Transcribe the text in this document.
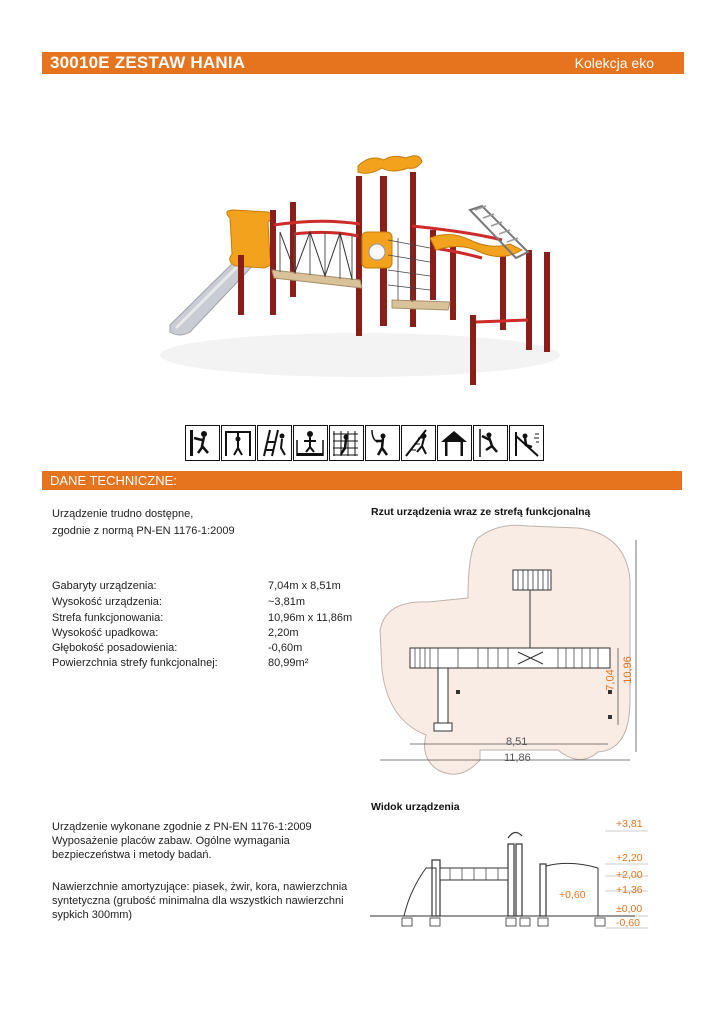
30010E ZESTAW HANIA	Kolekcja eko
DANE TECHNICZNE:
Urządzenie trudno dostępne,
zgodnie z normą PN-EN 1176-1:2009
Gabaryty urządzenia:	7,04m x 8,51m
Wysokość urządzenia:	~3,81m
Strefa funkcjonowania:	10,96m x 11,86m
Wysokość upadkowa:	2,20m
Głębokość posadowienia:	-0,60m
Powierzchnia strefy funkcjonalnej:	80,99m²
Rzut urządzenia wraz ze strefą funkcjonalną
8,51
11,86
7,04 10,96
Urządzenie wykonane zgodnie z PN-EN 1176-1:2009
Wyposażenie placów zabaw. Ogólne wymagania
bezpieczeństwa i metody badań.
Nawierzchnie amortyzujące: piasek, żwir, kora, nawierzchnia
syntetyczna (grubość minimalna dla wszystkich nawierzchni
sypkich 300mm)
Widok urządzenia
+3,81
+2,20
+2,00
+1,36
±0,00
-0,60
+0,60
